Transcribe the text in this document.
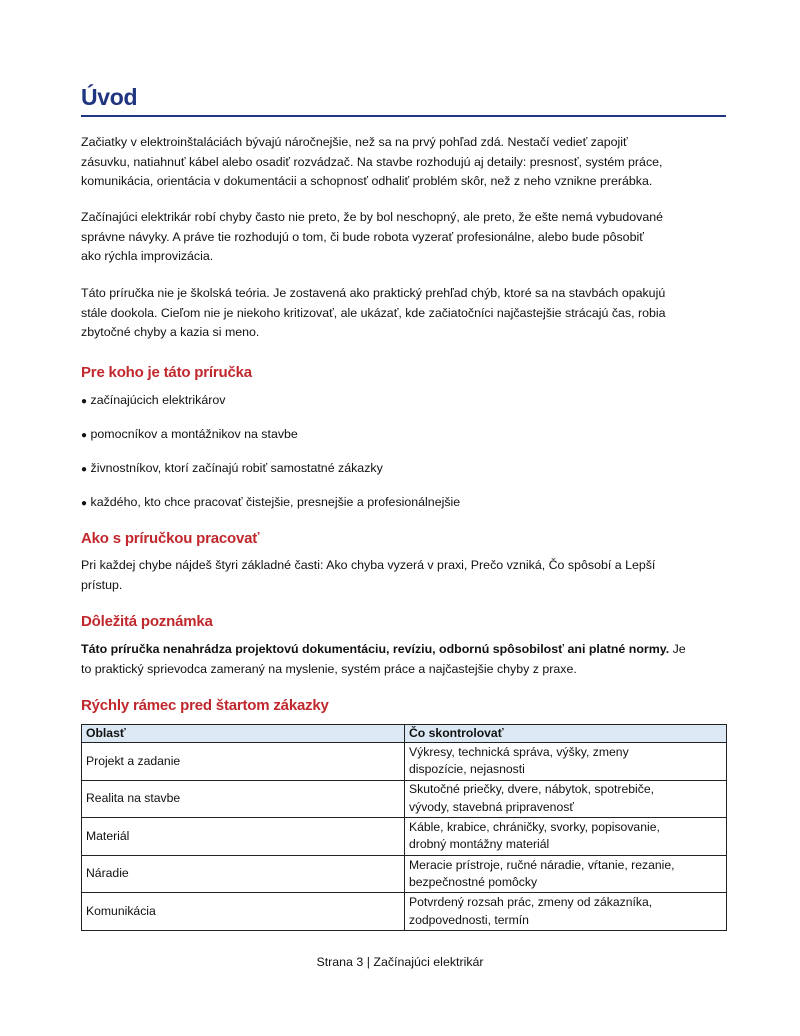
Úvod
Začiatky v elektroinštaláciách bývajú náročnejšie, než sa na prvý pohľad zdá. Nestačí vedieť zapojiť
zásuvku, natiahnuť kábel alebo osadiť rozvádzač. Na stavbe rozhodujú aj detaily: presnosť, systém práce,
komunikácia, orientácia v dokumentácii a schopnosť odhaliť problém skôr, než z neho vznikne prerábka.
Začínajúci elektrikár robí chyby často nie preto, že by bol neschopný, ale preto, že ešte nemá vybudované
správne návyky. A práve tie rozhodujú o tom, či bude robota vyzerať profesionálne, alebo bude pôsobiť
ako rýchla improvizácia.
Táto príručka nie je školská teória. Je zostavená ako praktický prehľad chýb, ktoré sa na stavbách opakujú
stále dookola. Cieľom nie je niekoho kritizovať, ale ukázať, kde začiatočníci najčastejšie strácajú čas, robia
zbytočné chyby a kazia si meno.
Pre koho je táto príručka
● začínajúcich elektrikárov
● pomocníkov a montážnikov na stavbe
● živnostníkov, ktorí začínajú robiť samostatné zákazky
● každého, kto chce pracovať čistejšie, presnejšie a profesionálnejšie
Ako s príručkou pracovať
Pri každej chybe nájdeš štyri základné časti: Ako chyba vyzerá v praxi, Prečo vzniká, Čo spôsobí a Lepší
prístup.
Dôležitá poznámka
Táto príručka nenahrádza projektovú dokumentáciu, revíziu, odbornú spôsobilosť ani platné normy. Je
to praktický sprievodca zameraný na myslenie, systém práce a najčastejšie chyby z praxe.
Rýchly rámec pred štartom zákazky
Oblasť	Čo skontrolovať
Projekt a zadanie	Výkresy, technická správa, výšky, zmeny
dispozície, nejasnosti
Realita na stavbe	Skutočné priečky, dvere, nábytok, spotrebiče,
vývody, stavebná pripravenosť
Materiál	Káble, krabice, chráničky, svorky, popisovanie,
drobný montážny materiál
Náradie	Meracie prístroje, ručné náradie, vŕtanie, rezanie,
bezpečnostné pomôcky
Komunikácia	Potvrdený rozsah prác, zmeny od zákazníka,
zodpovednosti, termín
Strana 3 | Začínajúci elektrikár
